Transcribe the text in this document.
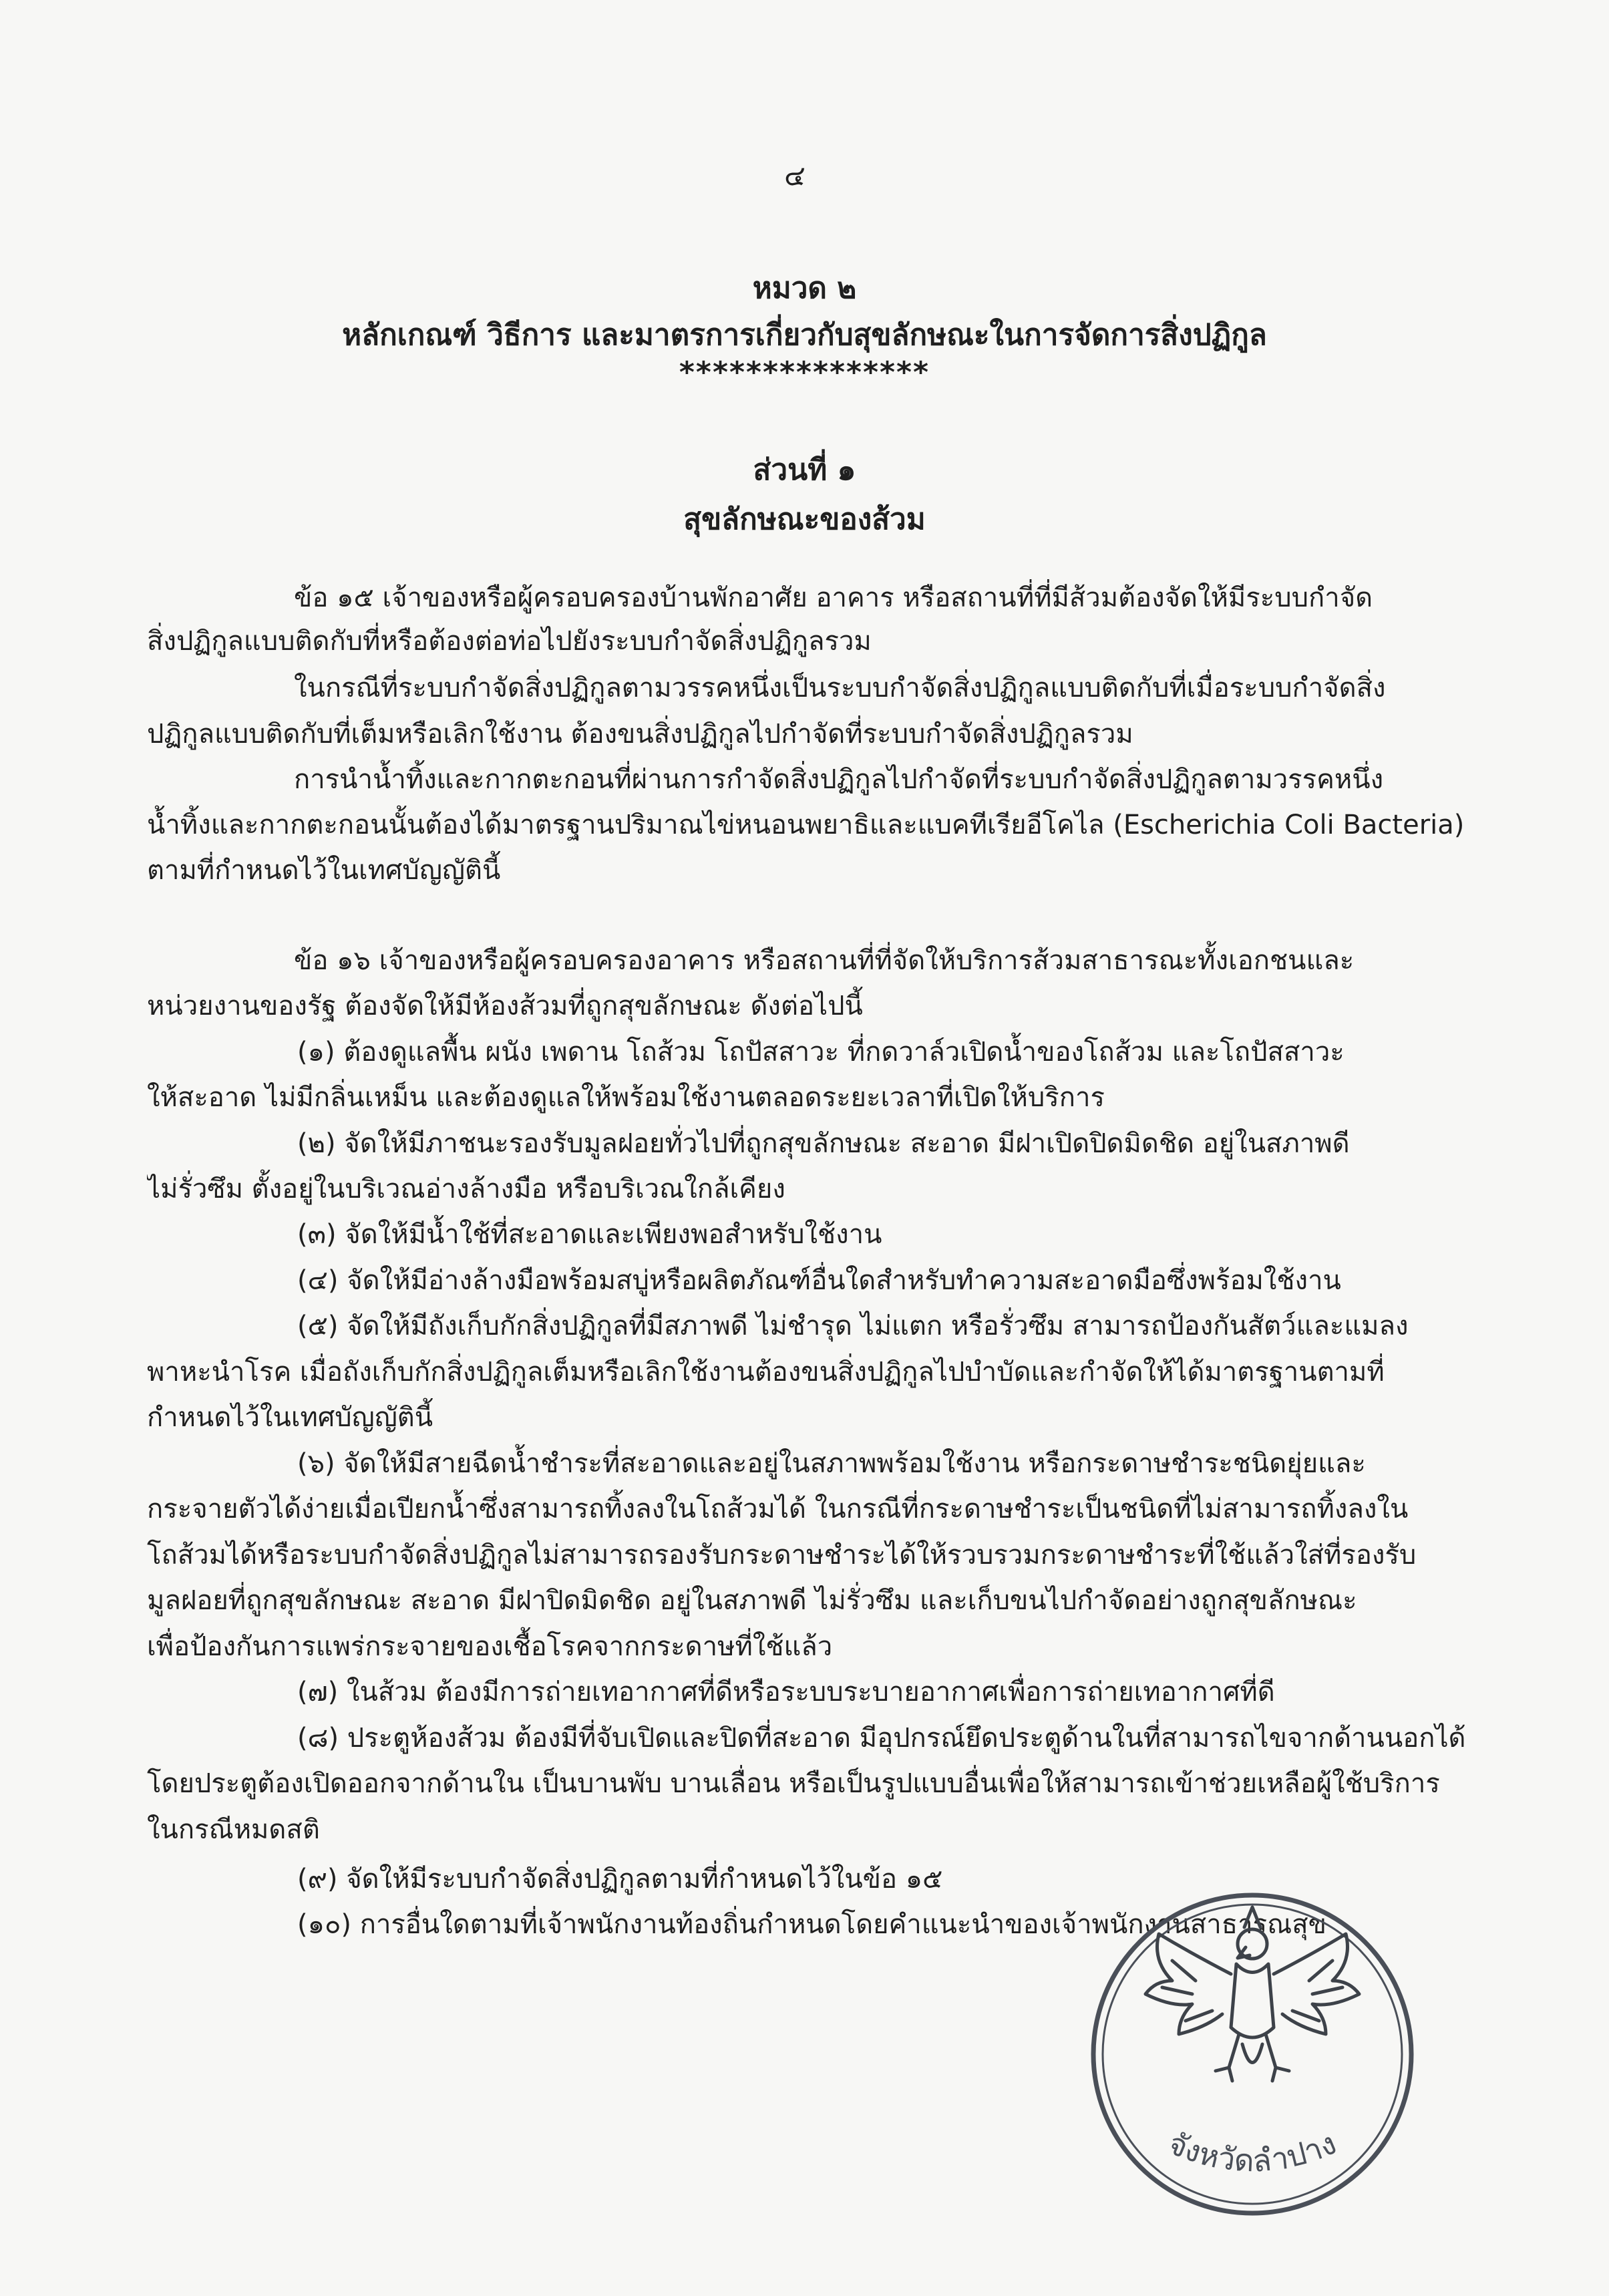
๔
หมวด ๒
หลักเกณฑ์ วิธีการ และมาตรการเกี่ยวกับสุขลักษณะในการจัดการสิ่งปฏิกูล
***************
ส่วนที่ ๑
สุขลักษณะของส้วม
ข้อ ๑๕ เจ้าของหรือผู้ครอบครองบ้านพักอาศัย อาคาร หรือสถานที่ที่มีส้วมต้องจัดให้มีระบบกำจัด
สิ่งปฏิกูลแบบติดกับที่หรือต้องต่อท่อไปยังระบบกำจัดสิ่งปฏิกูลรวม
ในกรณีที่ระบบกำจัดสิ่งปฏิกูลตามวรรคหนึ่งเป็นระบบกำจัดสิ่งปฏิกูลแบบติดกับที่เมื่อระบบกำจัดสิ่ง
ปฏิกูลแบบติดกับที่เต็มหรือเลิกใช้งาน ต้องขนสิ่งปฏิกูลไปกำจัดที่ระบบกำจัดสิ่งปฏิกูลรวม
การนำน้ำทิ้งและกากตะกอนที่ผ่านการกำจัดสิ่งปฏิกูลไปกำจัดที่ระบบกำจัดสิ่งปฏิกูลตามวรรคหนึ่ง
น้ำทิ้งและกากตะกอนนั้นต้องได้มาตรฐานปริมาณไข่หนอนพยาธิและแบคทีเรียอีโคไล (Escherichia Coli Bacteria)
ตามที่กำหนดไว้ในเทศบัญญัตินี้
ข้อ ๑๖ เจ้าของหรือผู้ครอบครองอาคาร หรือสถานที่ที่จัดให้บริการส้วมสาธารณะทั้งเอกชนและ
หน่วยงานของรัฐ ต้องจัดให้มีห้องส้วมที่ถูกสุขลักษณะ ดังต่อไปนี้
(๑) ต้องดูแลพื้น ผนัง เพดาน โถส้วม โถปัสสาวะ ที่กดวาล์วเปิดน้ำของโถส้วม และโถปัสสาวะ
ให้สะอาด ไม่มีกลิ่นเหม็น และต้องดูแลให้พร้อมใช้งานตลอดระยะเวลาที่เปิดให้บริการ
(๒) จัดให้มีภาชนะรองรับมูลฝอยทั่วไปที่ถูกสุขลักษณะ สะอาด มีฝาเปิดปิดมิดชิด อยู่ในสภาพดี
ไม่รั่วซึม ตั้งอยู่ในบริเวณอ่างล้างมือ หรือบริเวณใกล้เคียง
(๓) จัดให้มีน้ำใช้ที่สะอาดและเพียงพอสำหรับใช้งาน
(๔) จัดให้มีอ่างล้างมือพร้อมสบู่หรือผลิตภัณฑ์อื่นใดสำหรับทำความสะอาดมือซึ่งพร้อมใช้งาน
(๕) จัดให้มีถังเก็บกักสิ่งปฏิกูลที่มีสภาพดี ไม่ชำรุด ไม่แตก หรือรั่วซึม สามารถป้องกันสัตว์และแมลง
พาหะนำโรค เมื่อถังเก็บกักสิ่งปฏิกูลเต็มหรือเลิกใช้งานต้องขนสิ่งปฏิกูลไปบำบัดและกำจัดให้ได้มาตรฐานตามที่
กำหนดไว้ในเทศบัญญัตินี้
(๖) จัดให้มีสายฉีดน้ำชำระที่สะอาดและอยู่ในสภาพพร้อมใช้งาน หรือกระดาษชำระชนิดยุ่ยและ
กระจายตัวได้ง่ายเมื่อเปียกน้ำซึ่งสามารถทิ้งลงในโถส้วมได้ ในกรณีที่กระดาษชำระเป็นชนิดที่ไม่สามารถทิ้งลงใน
โถส้วมได้หรือระบบกำจัดสิ่งปฏิกูลไม่สามารถรองรับกระดาษชำระได้ให้รวบรวมกระดาษชำระที่ใช้แล้วใส่ที่รองรับ
มูลฝอยที่ถูกสุขลักษณะ สะอาด มีฝาปิดมิดชิด อยู่ในสภาพดี ไม่รั่วซึม และเก็บขนไปกำจัดอย่างถูกสุขลักษณะ
เพื่อป้องกันการแพร่กระจายของเชื้อโรคจากกระดาษที่ใช้แล้ว
(๗) ในส้วม ต้องมีการถ่ายเทอากาศที่ดีหรือระบบระบายอากาศเพื่อการถ่ายเทอากาศที่ดี
(๘) ประตูห้องส้วม ต้องมีที่จับเปิดและปิดที่สะอาด มีอุปกรณ์ยึดประตูด้านในที่สามารถไขจากด้านนอกได้
โดยประตูต้องเปิดออกจากด้านใน เป็นบานพับ บานเลื่อน หรือเป็นรูปแบบอื่นเพื่อให้สามารถเข้าช่วยเหลือผู้ใช้บริการ
ในกรณีหมดสติ
(๙) จัดให้มีระบบกำจัดสิ่งปฏิกูลตามที่กำหนดไว้ในข้อ ๑๕
(๑๐) การอื่นใดตามที่เจ้าพนักงานท้องถิ่นกำหนดโดยคำแนะนำของเจ้าพนักงานสาธารณสุข
จังหวัดลำปาง
